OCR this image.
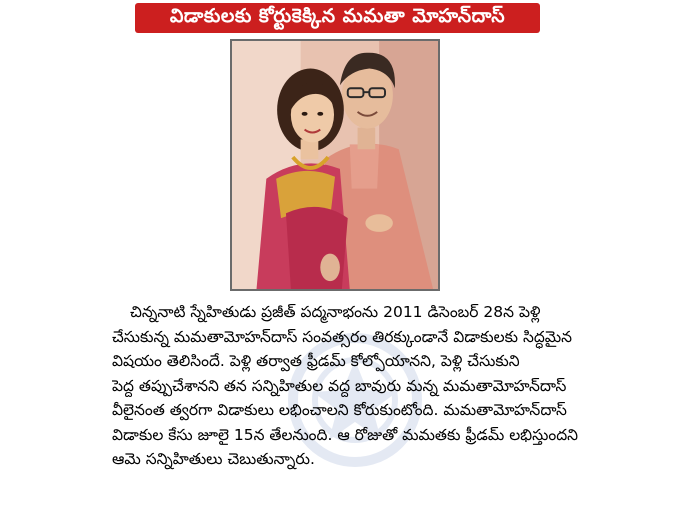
విడాకులకు కోర్టుకెక్కిన మమతా మోహన్‌దాస్
చిన్ననాటి స్నేహితుడు ప్రజీత్ పద్మనాభంను 2011 డిసెంబర్ 28న పెళ్లి
చేసుకున్న మమతామోహన్‌దాస్ సంవత్సరం తిరక్కుండానే విడాకులకు సిద్ధమైన
విషయం తెలిసిందే. పెళ్లి తర్వాత ఫ్రీడమ్ కోల్పోయానని, పెళ్లి చేసుకుని
పెద్ద తప్పుచేశానని తన సన్నిహితుల వద్ద బావురు మన్న మమతామోహన్‌దాస్
వీలైనంత త్వరగా విడాకులు లభించాలని కోరుకుంటోంది. మమతామోహన్‌దాస్
విడాకుల కేసు జూలై 15న తేలనుంది. ఆ రోజుతో మమతకు ఫ్రీడమ్ లభిస్తుందని
ఆమె సన్నిహితులు చెబుతున్నారు.
